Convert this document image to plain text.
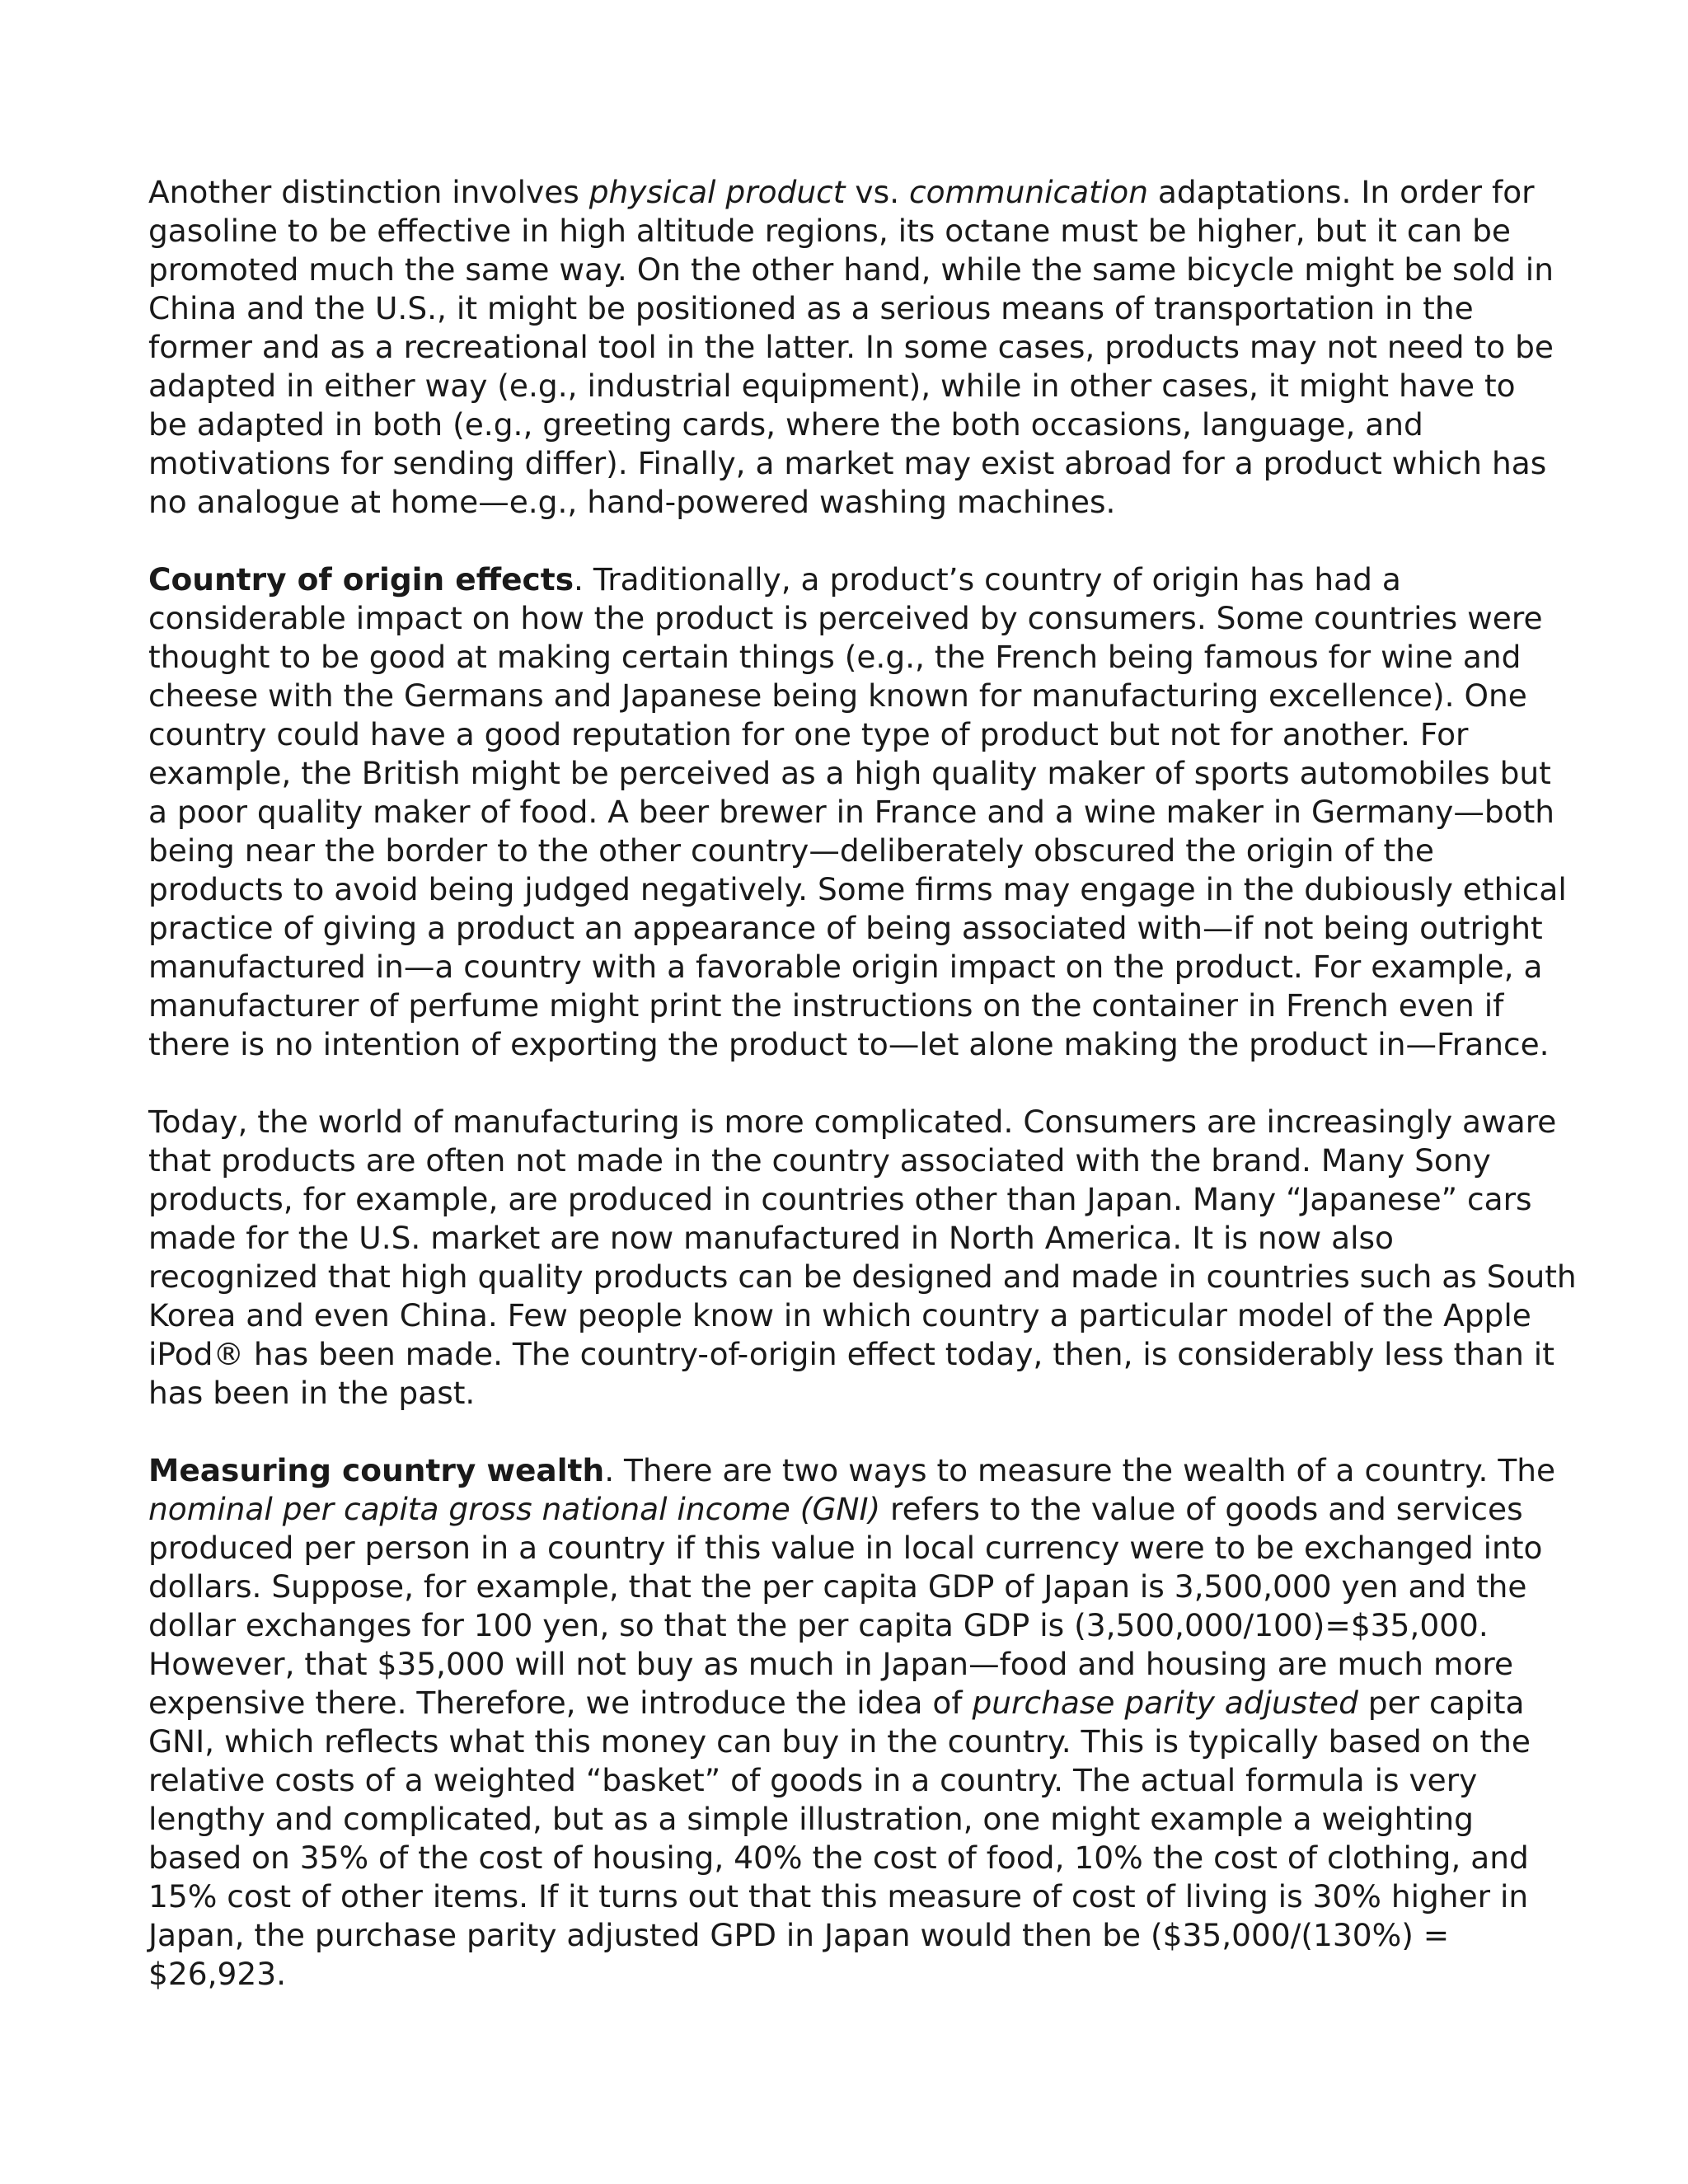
Another distinction involves physical product vs. communication adaptations. In order for
gasoline to be effective in high altitude regions, its octane must be higher, but it can be
promoted much the same way. On the other hand, while the same bicycle might be sold in
China and the U.S., it might be positioned as a serious means of transportation in the
former and as a recreational tool in the latter. In some cases, products may not need to be
adapted in either way (e.g., industrial equipment), while in other cases, it might have to
be adapted in both (e.g., greeting cards, where the both occasions, language, and
motivations for sending differ). Finally, a market may exist abroad for a product which has
no analogue at home—e.g., hand-powered washing machines.
Country of origin effects. Traditionally, a product’s country of origin has had a
considerable impact on how the product is perceived by consumers. Some countries were
thought to be good at making certain things (e.g., the French being famous for wine and
cheese with the Germans and Japanese being known for manufacturing excellence). One
country could have a good reputation for one type of product but not for another. For
example, the British might be perceived as a high quality maker of sports automobiles but
a poor quality maker of food. A beer brewer in France and a wine maker in Germany—both
being near the border to the other country—deliberately obscured the origin of the
products to avoid being judged negatively. Some firms may engage in the dubiously ethical
practice of giving a product an appearance of being associated with—if not being outright
manufactured in—a country with a favorable origin impact on the product. For example, a
manufacturer of perfume might print the instructions on the container in French even if
there is no intention of exporting the product to—let alone making the product in—France.
Today, the world of manufacturing is more complicated. Consumers are increasingly aware
that products are often not made in the country associated with the brand. Many Sony
products, for example, are produced in countries other than Japan. Many “Japanese” cars
made for the U.S. market are now manufactured in North America. It is now also
recognized that high quality products can be designed and made in countries such as South
Korea and even China. Few people know in which country a particular model of the Apple
iPod® has been made. The country-of-origin effect today, then, is considerably less than it
has been in the past.
Measuring country wealth. There are two ways to measure the wealth of a country. The
nominal per capita gross national income (GNI) refers to the value of goods and services
produced per person in a country if this value in local currency were to be exchanged into
dollars. Suppose, for example, that the per capita GDP of Japan is 3,500,000 yen and the
dollar exchanges for 100 yen, so that the per capita GDP is (3,500,000/100)=$35,000.
However, that $35,000 will not buy as much in Japan—food and housing are much more
expensive there. Therefore, we introduce the idea of purchase parity adjusted per capita
GNI, which reflects what this money can buy in the country. This is typically based on the
relative costs of a weighted “basket” of goods in a country. The actual formula is very
lengthy and complicated, but as a simple illustration, one might example a weighting
based on 35% of the cost of housing, 40% the cost of food, 10% the cost of clothing, and
15% cost of other items. If it turns out that this measure of cost of living is 30% higher in
Japan, the purchase parity adjusted GPD in Japan would then be ($35,000/(130%) =
$26,923.
